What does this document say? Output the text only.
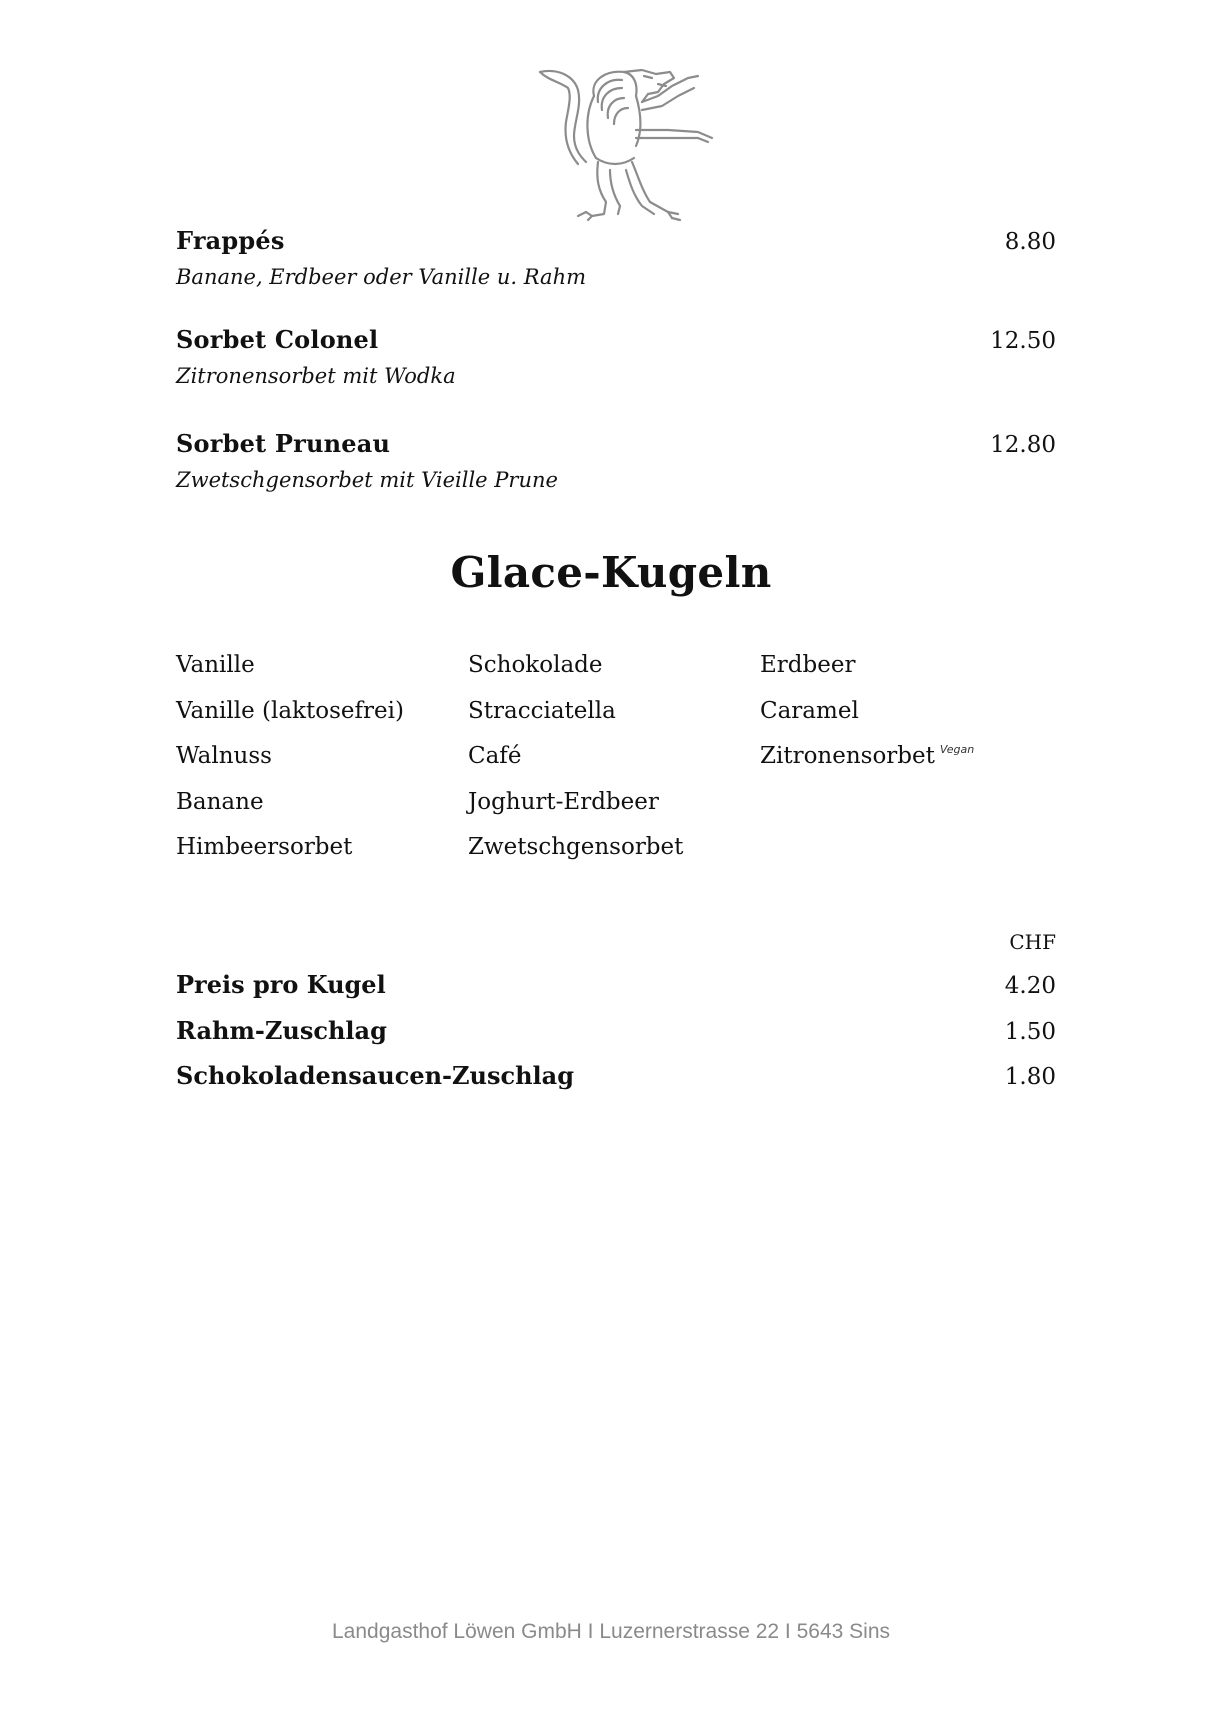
Frappés	8.80
Banane, Erdbeer oder Vanille u. Rahm
Sorbet Colonel	12.50
Zitronensorbet mit Wodka
Sorbet Pruneau	12.80
Zwetschgensorbet mit Vieille Prune
Glace-Kugeln
Vanille	Schokolade	Erdbeer
Vanille (laktosefrei)	Stracciatella	Caramel
Walnuss	Café	Zitronensorbet $^{Vegan}$
Banane	Joghurt-Erdbeer
Himbeersorbet	Zwetschgensorbet
CHF
Preis pro Kugel	4.20
Rahm-Zuschlag	1.50
Schokoladensaucen-Zuschlag	1.80
Landgasthof Löwen GmbH I Luzernerstrasse 22 I 5643 Sins
